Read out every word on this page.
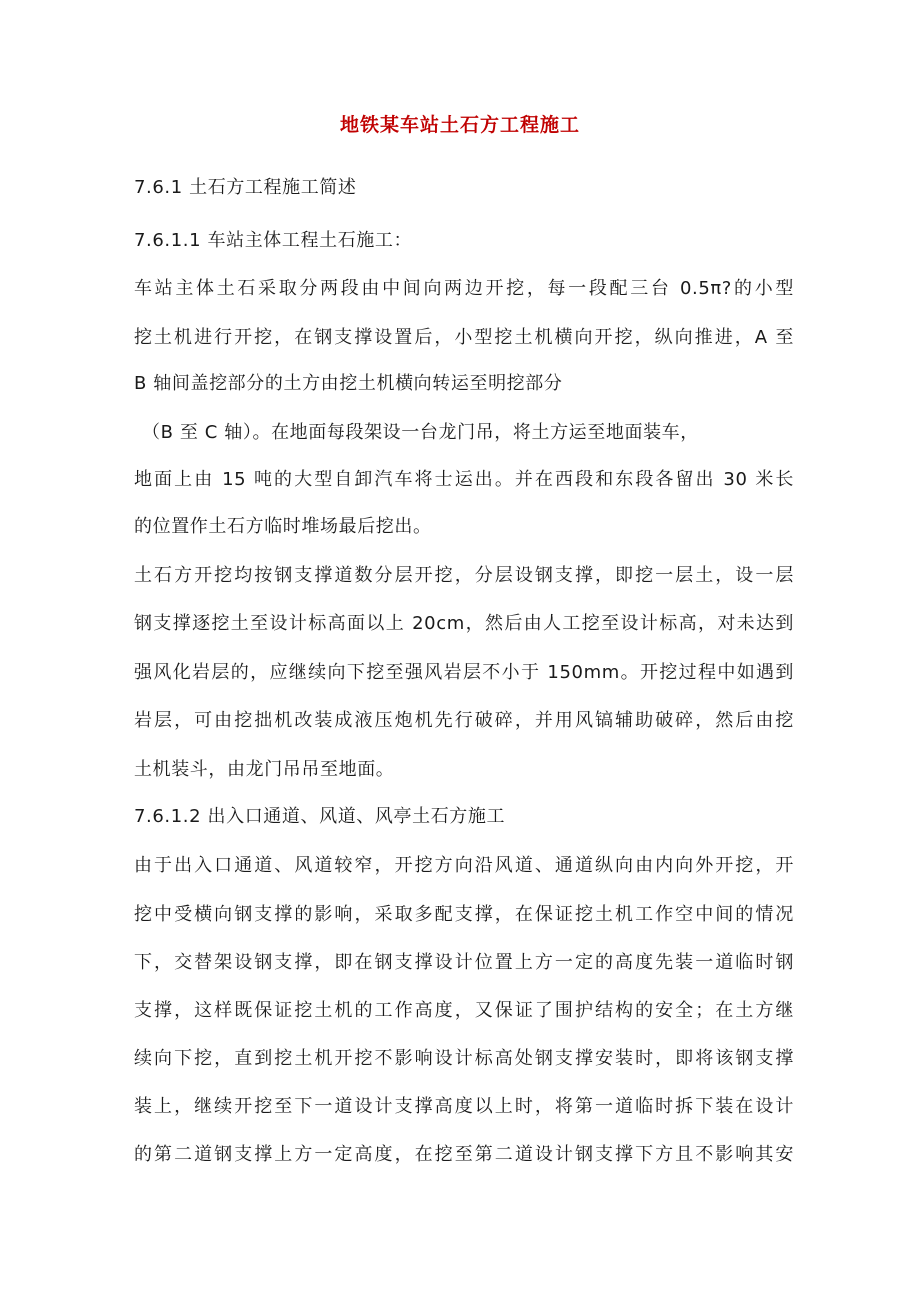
地铁某车站土石方工程施工
7.6.1 土石方工程施工简述
7.6.1.1 车站主体工程土石施工：
车站主体土石采取分两段由中间向两边开挖，每一段配三台 0.5π?的小型
挖土机进行开挖，在钢支撑设置后，小型挖土机横向开挖，纵向推进，A 至
B 轴间盖挖部分的土方由挖土机横向转运至明挖部分
（B 至 C 轴）。在地面每段架设一台龙门吊，将土方运至地面装车，
地面上由 15 吨的大型自卸汽车将士运出。并在西段和东段各留出 30 米长
的位置作土石方临时堆场最后挖出。
土石方开挖均按钢支撑道数分层开挖，分层设钢支撑，即挖一层土，设一层
钢支撑逐挖土至设计标高面以上 20cm，然后由人工挖至设计标高，对未达到
强风化岩层的，应继续向下挖至强风岩层不小于 150mm。开挖过程中如遇到
岩层，可由挖拙机改装成液压炮机先行破碎，并用风镐辅助破碎，然后由挖
土机装斗，由龙门吊吊至地面。
7.6.1.2 出入口通道、风道、风亭土石方施工
由于出入口通道、风道较窄，开挖方向沿风道、通道纵向由内向外开挖，开
挖中受横向钢支撑的影响，采取多配支撑，在保证挖土机工作空中间的情况
下，交替架设钢支撑，即在钢支撑设计位置上方一定的高度先装一道临时钢
支撑，这样既保证挖土机的工作高度，又保证了围护结构的安全；在土方继
续向下挖，直到挖土机开挖不影响设计标高处钢支撑安装时，即将该钢支撑
装上，继续开挖至下一道设计支撑高度以上时，将第一道临时拆下装在设计
的第二道钢支撑上方一定高度，在挖至第二道设计钢支撑下方且不影响其安
